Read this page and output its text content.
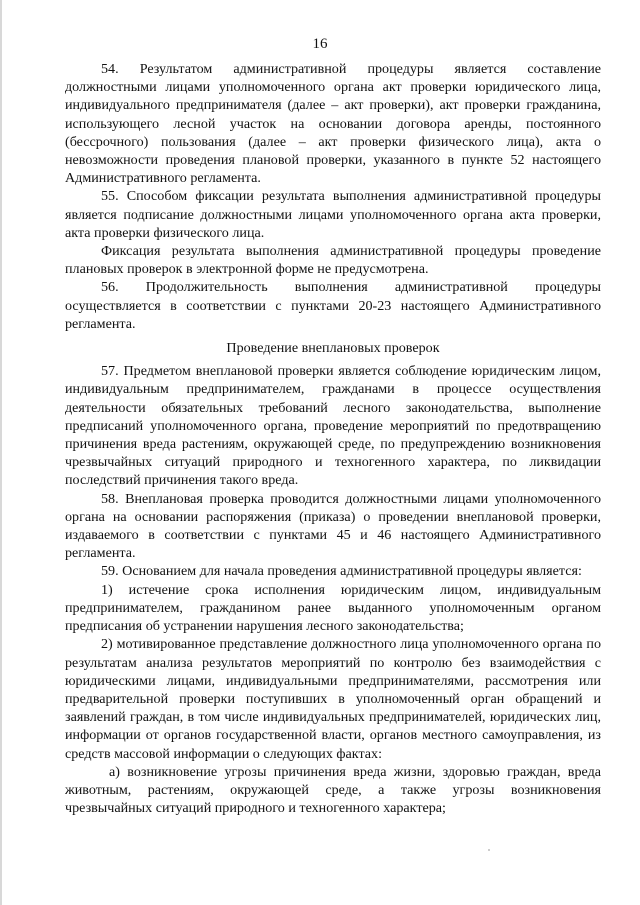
16

54. Результатом административной процедуры является составление должностными лицами уполномоченного органа акт проверки юридического лица, индивидуального предпринимателя (далее – акт проверки), акт проверки гражданина, использующего лесной участок на основании договора аренды, постоянного (бессрочного) пользования (далее – акт проверки физического лица), акта о невозможности проведения плановой проверки, указанного в пункте 52 настоящего Административного регламента.

55. Способом фиксации результата выполнения административной процедуры является подписание должностными лицами уполномоченного органа акта проверки, акта проверки физического лица.

Фиксация результата выполнения административной процедуры проведение плановых проверок в электронной форме не предусмотрена.

56. Продолжительность выполнения административной процедуры осуществляется в соответствии с пунктами 20-23 настоящего Административного регламента.

Проведение внеплановых проверок

57. Предметом внеплановой проверки является соблюдение юридическим лицом, индивидуальным предпринимателем, гражданами в процессе осуществления деятельности обязательных требований лесного законодательства, выполнение предписаний уполномоченного органа, проведение мероприятий по предотвращению причинения вреда растениям, окружающей среде, по предупреждению возникновения чрезвычайных ситуаций природного и техногенного характера, по ликвидации последствий причинения такого вреда.

58. Внеплановая проверка проводится должностными лицами уполномоченного органа на основании распоряжения (приказа) о проведении внеплановой проверки, издаваемого в соответствии с пунктами 45 и 46 настоящего Административного регламента.

59. Основанием для начала проведения административной процедуры является:

1) истечение срока исполнения юридическим лицом, индивидуальным предпринимателем, гражданином ранее выданного уполномоченным органом предписания об устранении нарушения лесного законодательства;

2) мотивированное представление должностного лица уполномоченного органа по результатам анализа результатов мероприятий по контролю без взаимодействия с юридическими лицами, индивидуальными предпринимателями, рассмотрения или предварительной проверки поступивших в уполномоченный орган обращений и заявлений граждан, в том числе индивидуальных предпринимателей, юридических лиц, информации от органов государственной власти, органов местного самоуправления, из средств массовой информации о следующих фактах:

а) возникновение угрозы причинения вреда жизни, здоровью граждан, вреда животным, растениям, окружающей среде, а также угрозы возникновения чрезвычайных ситуаций природного и техногенного характера;
